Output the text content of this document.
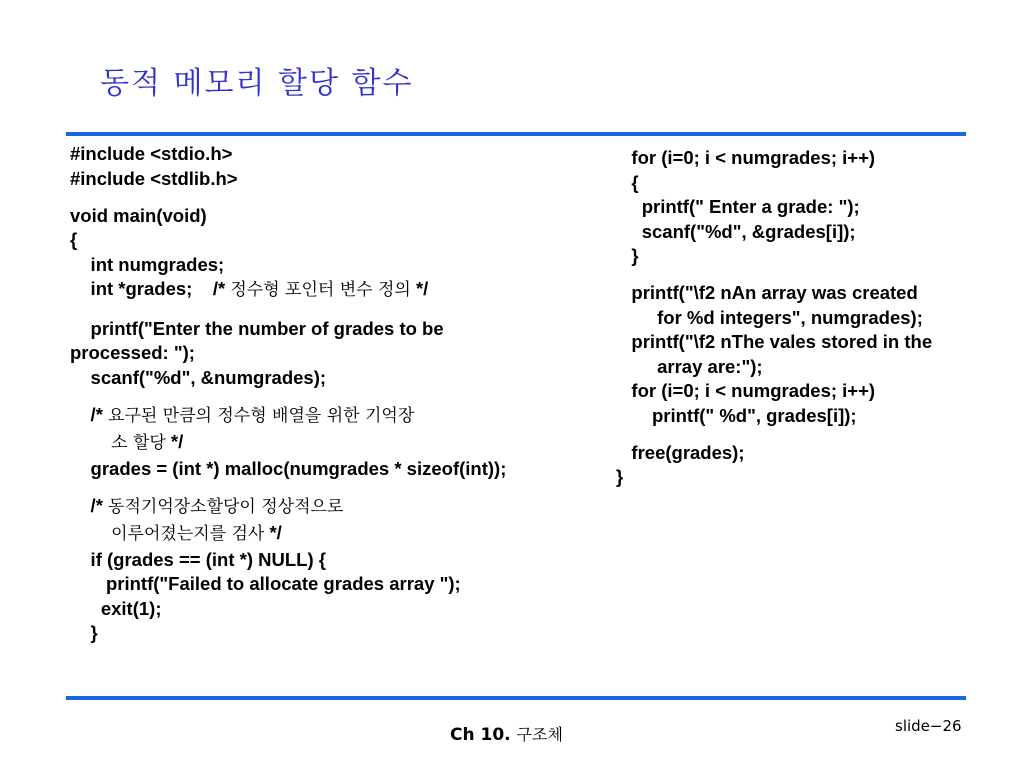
동적 메모리 할당 함수
#include <stdio.h>
#include <stdlib.h>
void main(void)
{
int numgrades;
int *grades;    /* 정수형 포인터 변수 정의 */
printf("Enter the number of grades to be
processed: ");
scanf("%d", &numgrades);
/* 요구된 만큼의 정수형 배열을 위한 기억장
소 할당 */
grades = (int *) malloc(numgrades * sizeof(int));
/* 동적기억장소할당이 정상적으로
이루어졌는지를 검사 */
if (grades == (int *) NULL) {
printf("Failed to allocate grades array ");
exit(1);
}
for (i=0; i < numgrades; i++)
{
printf(" Enter a grade: ");
scanf("%d", &grades[i]);
}
printf("\f2 nAn array was created
for %d integers", numgrades);
printf("\f2 nThe vales stored in the
array are:");
for (i=0; i < numgrades; i++)
printf(" %d", grades[i]);
free(grades);
}
Ch 10. 구조체	slide−26
